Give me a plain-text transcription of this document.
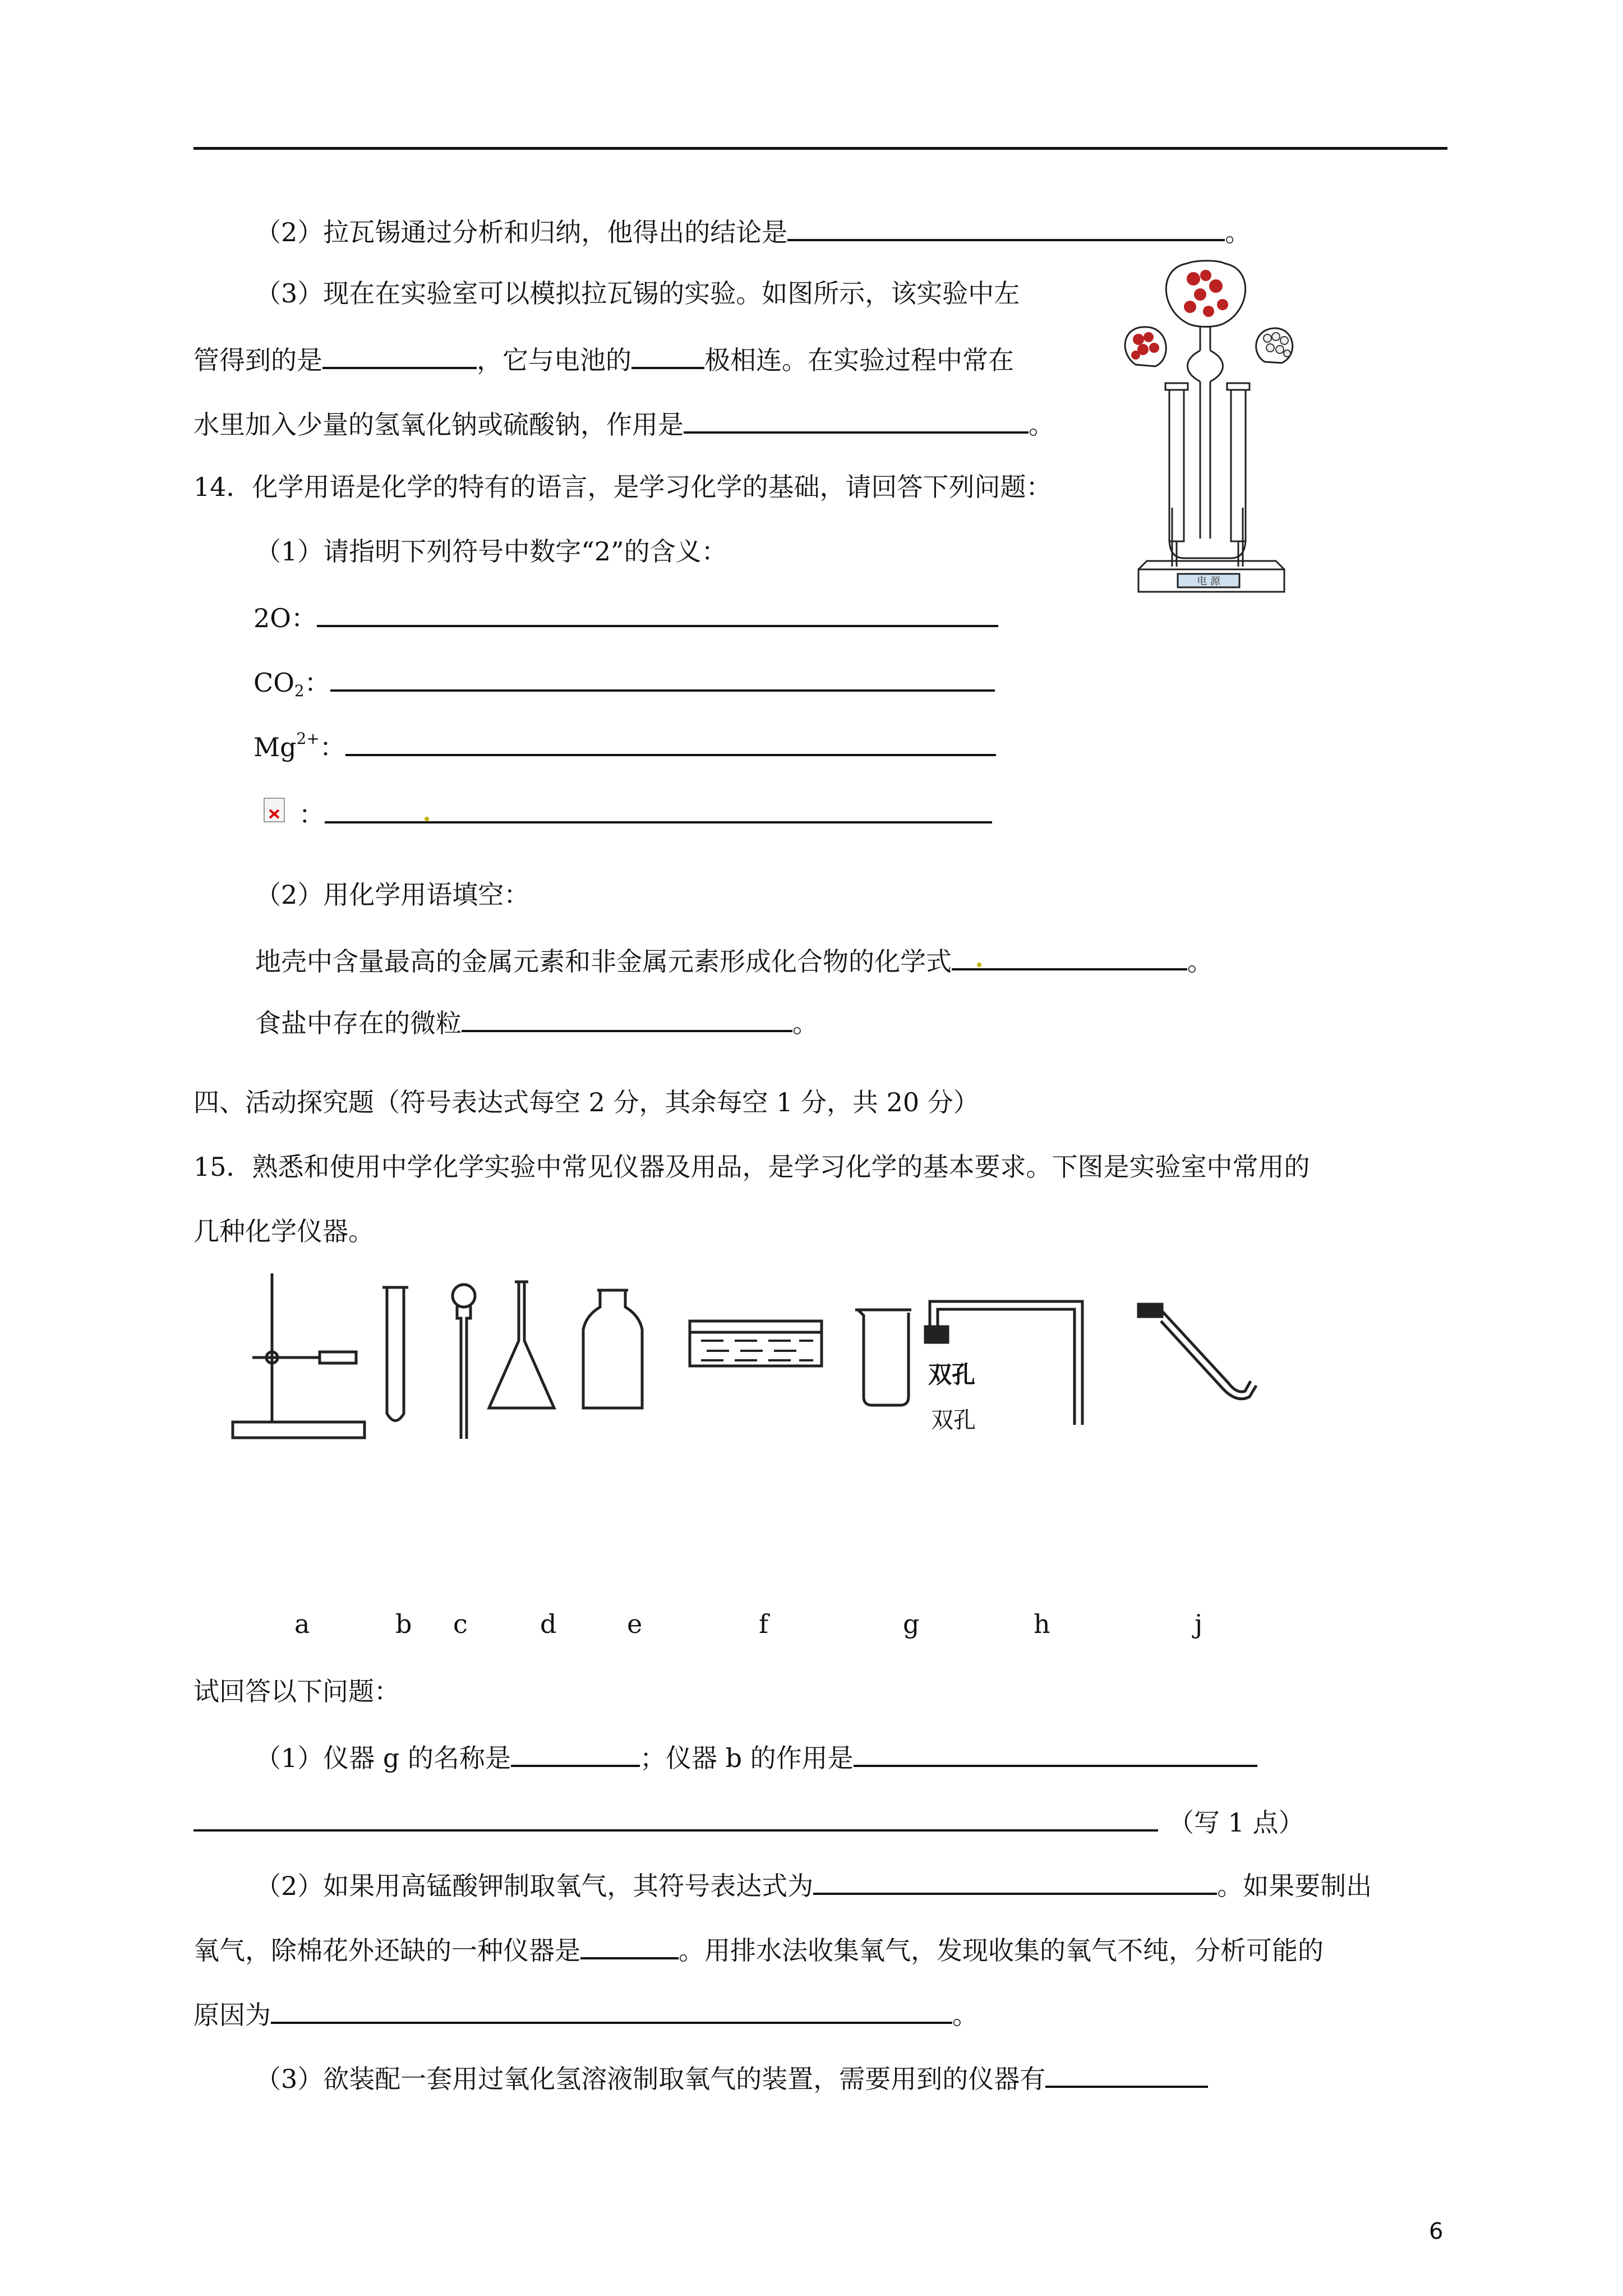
（2）拉瓦锡通过分析和归纳，他得出的结论是	。
（3）现在在实验室可以模拟拉瓦锡的实验。如图所示，该实验中左
管得到的是	，它与电池的	极相连。在实验过程中常在
水里加入少量的氢氧化钠或硫酸钠，作用是	。
电 源
14．化学用语是化学的特有的语言，是学习化学的基础，请回答下列问题：
（1）请指明下列符号中数字“2”的含义：
2O：
$CO_2$：
$Mg^{2+}$：
：
（2）用化学用语填空：
地壳中含量最高的金属元素和非金属元素形成化合物的化学式	。
食盐中存在的微粒	。
四、活动探究题（符号表达式每空 2 分，其余每空 1 分，共 20 分）
15．熟悉和使用中学化学实验中常见仪器及用品，是学习化学的基本要求。下图是实验室中常用的
几种化学仪器。
双孔
双孔
a	b c	d	e	f	g	h	j
试回答以下问题：
（1）仪器 g 的名称是	；仪器 b 的作用是
（写 1 点）
（2）如果用高锰酸钾制取氧气，其符号表达式为	。如果要制出
氧气，除棉花外还缺的一种仪器是	。用排水法收集氧气，发现收集的氧气不纯，分析可能的
原因为	。
（3）欲装配一套用过氧化氢溶液制取氧气的装置，需要用到的仪器有
6
